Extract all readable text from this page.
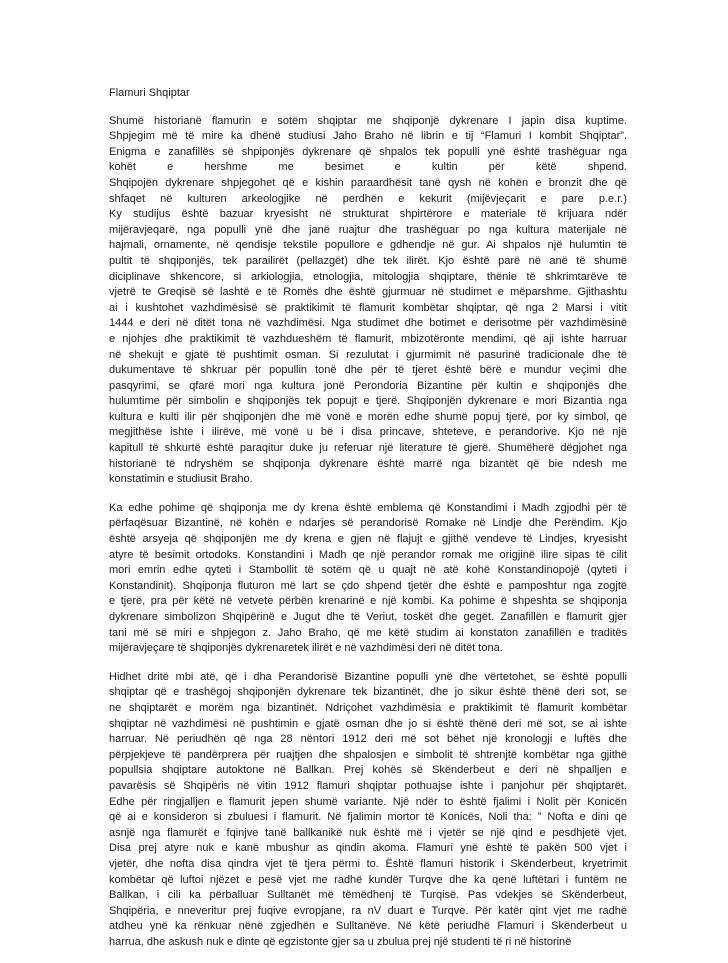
Flamuri Shqiptar
Shumë historianë flamurin e sotëm shqiptar me shqiponjë dykrenare I japin disa kuptime.
Shpjegim më të mire ka dhënë studiusi Jaho Braho në librin e tij “Flamuri I kombit Shqiptar”.
Enigma e zanafillës së shpiponjës dykrenare që shpalos tek populli ynë është trashëguar nga
kohët e hershme me besimet e kultin për këtë shpend.
Shqipojën dykrenare shpjegohet që e kishin paraardhësit tanë qysh në kohën e bronzit dhe që
shfaqet në kulturen arkeologjike në perdhën e kekurit (mijëvjeçarit e pare p.e.r.)
Ky studijus është bazuar kryesisht në strukturat shpirtërore e materiale të krijuara ndër
mijëravjeqarë, nga populli ynë dhe janë ruajtur dhe trashëguar po nga kultura materijale në
hajmali, ornamente, në qendisje tekstile popullore e gdhendje në gur. Ai shpalos një hulumtin të
pultit të shqiponjës, tek parailirët (pellazgët) dhe tek ilirët. Kjo është parë në anë të shumë
diciplinave shkencore, si arkiologjia, etnologjia, mitologjia shqiptare, thënie të shkrimtarëve të
vjetrë te Greqisë së lashtë e të Romës dhe është gjurmuar në studimet e mëparshme. Gjithashtu
ai i kushtohet vazhdimësisë së praktikimit të flamurit kombëtar shqiptar, që nga 2 Marsi i vitit
1444 e deri në ditët tona në vazhdimësi. Nga studimet dhe botimet e derisotme për vazhdimësinë
e njohjes dhe praktikimit të vazhdueshëm të flamurit, mbizotëronte mendimi, që aji ishte harruar
në shekujt e gjatë të pushtimit osman. Si rezulutat i gjurmimit në pasurinë tradicionale dhe të
dukumentave të shkruar për popullin tonë dhe për të tjeret është bërë e mundur veçimi dhe
pasqyrimi, se qfarë mori nga kultura jonë Perondoria Bizantine për kultin e shqiponjës dhe
hulumtime për simbolin e shqiponjës tek popujt e tjerë. Shqiponjën dykrenare e mori Bizantia nga
kultura e kulti ilir për shqiponjën dhe më vonë e morën edhe shumë popuj tjerë, por ky simbol, që
megjithëse ishte i ilirëve, më vonë u bë i disa princave, shteteve, e perandorive. Kjo në një
kapitull të shkurtë është paraqitur duke ju referuar një literature të gjerë. Shumëherë dëgjohet nga
historianë të ndryshëm se shqiponja dykrenare është marrë nga bizantët që bie ndesh me
konstatimin e studiusit Braho.
Ka edhe pohime që shqiponja me dy krena është emblema që Konstandimi i Madh zgjodhi për të
përfaqësuar Bizantinë, në kohën e ndarjes së perandorisë Romake në Lindje dhe Perëndim. Kjo
është arsyeja që shqiponjën me dy krena e gjen në flajujt e gjithë vendeve të Lindjes, kryesisht
atyre të besimit ortodoks. Konstandini i Madh qe një perandor romak me origjinë ilire sipas të cilit
mori emrin edhe qyteti i Stambollit të sotëm që u quajt në atë kohë Konstandinopojë (qyteti i
Konstandinit). Shqiponja fluturon më lart se çdo shpend tjetër dhe është e pamposhtur nga zogjtë
e tjerë, pra për këtë në vetvete përbën krenarinë e një kombi. Ka pohime ë shpeshta se shqiponja
dykrenare simbolizon Shqipërinë e Jugut dhe të Veriut, toskët dhe gegët. Zanafillën e flamurit gjer
tani më së miri e shpjegon z. Jaho Braho, që me këtë studim ai konstaton zanafillën e traditës
mijëravjeçare të shqiponjës dykrenaretek ilirët e në vazhdimësi deri në ditët tona.
Hidhet dritë mbi atë, që i dha Perandorisë Bizantine populli ynë dhe vërtetohet, se është populli
shqiptar që e trashëgoj shqiponjën dykrenare tek bizantinët, dhe jo sikur është thënë deri sot, se
ne shqiptarët e morëm nga bizantinët. Ndriçohet vazhdimësia e praktikimit të flamurit kombëtar
shqiptar në vazhdimësi në pushtimin e gjatë osman dhe jo si është thënë deri më sot, se ai ishte
harruar. Në periudhën që nga 28 nëntori 1912 deri më sot bëhet një kronologji e luftës dhe
përpjekjeve të pandërprera për ruajtjen dhe shpalosjen e simbolit të shtrenjtë kombëtar nga gjithë
popullsia shqiptare autoktone në Ballkan. Prej kohës së Skënderbeut e deri në shpalljen e
pavarësis së Shqipëris në vitin 1912 flamuri shqiptar pothuajse ishte i panjohur për shqiptarët.
Edhe për ringjalljen e flamurit jepen shumë variante. Një ndër to është fjalimi i Nolit për Konicën
që ai e konsideron si zbuluesi i flamurit. Në fjalimin mortor të Konicës, Noli tha: ” Nofta e dini që
asnjë nga flamurët e fqinjve tanë ballkanikë nuk është më i vjetër se një qind e pesdhjetë vjet.
Disa prej atyre nuk e kanë mbushur as qindin akoma. Flamuri ynë është të pakën 500 vjet i
vjetër, dhe nofta disa qindra vjet të tjera përmi to. Është flamuri historik i Skënderbeut, kryetrimit
kombëtar që luftoi njëzet e pesë vjet me radhë kundër Turqve dhe ka qenë luftëtari i funtëm ne
Ballkan, i cili ka përballuar Sulltanët më tëmëdhenj të Turqisë. Pas vdekjes së Skënderbeut,
Shqipëria, e nneveritur prej fuqive evropjane, ra nV duart e Turqve. Për katër qint vjet me radhë
atdheu ynë ka rënkuar nënë zgjedhën e Sulltanëve. Në këtë periudhë Flamuri i Skënderbeut u
harrua, dhe askush nuk e dinte që egzistonte gjer sa u zbulua prej një studenti të ri në historinë
